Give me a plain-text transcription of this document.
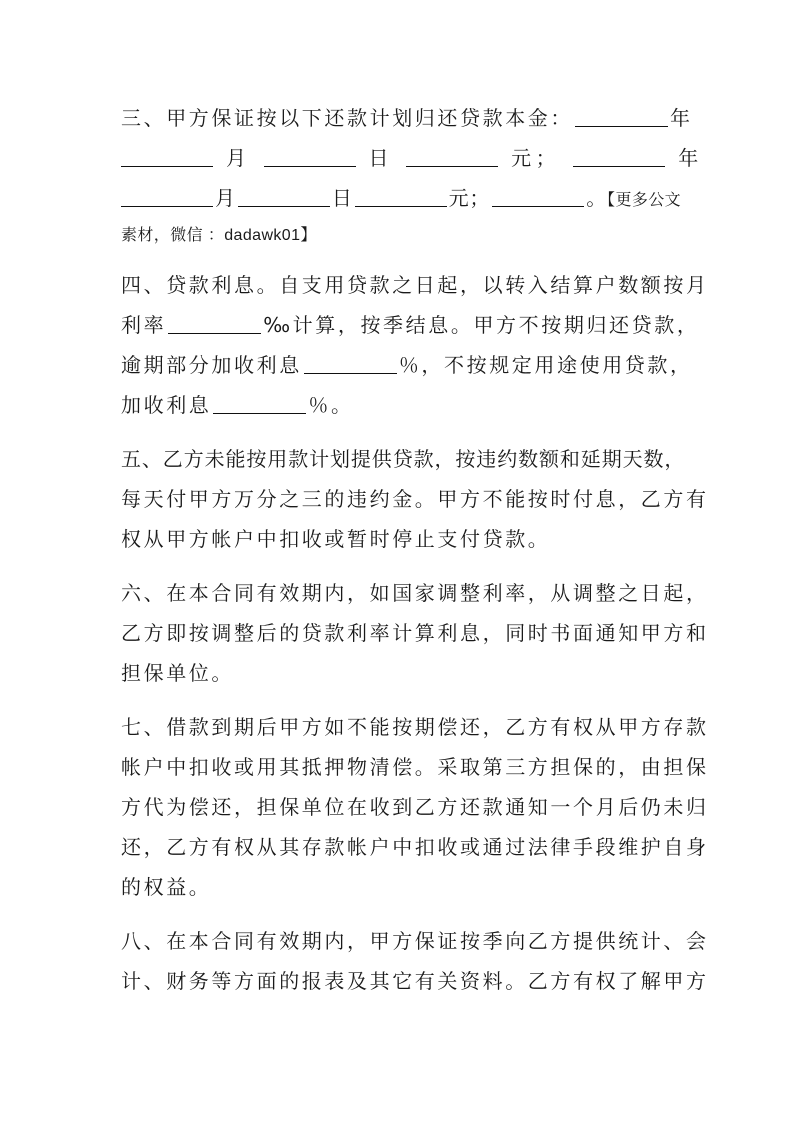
三、甲方保证按以下还款计划归还贷款本金：	年
月	日	元；	年
月	日	元；	。【更多公文
素材，微信 ：dadawk01】
四、贷款利息。自支用贷款之日起，以转入结算户数额按月
利率	‰计算，按季结息。甲方不按期归还贷款，
逾期部分加收利息	％，不按规定用途使用贷款，
加收利息	％。
五、乙方未能按用款计划提供贷款，按违约数额和延期天数，
每天付甲方万分之三的违约金。甲方不能按时付息，乙方有
权从甲方帐户中扣收或暂时停止支付贷款。
六、在本合同有效期内，如国家调整利率，从调整之日起，
乙方即按调整后的贷款利率计算利息，同时书面通知甲方和
担保单位。
七、借款到期后甲方如不能按期偿还，乙方有权从甲方存款
帐户中扣收或用其抵押物清偿。采取第三方担保的，由担保
方代为偿还，担保单位在收到乙方还款通知一个月后仍未归
还，乙方有权从其存款帐户中扣收或通过法律手段维护自身
的权益。
八、在本合同有效期内，甲方保证按季向乙方提供统计、会
计、财务等方面的报表及其它有关资料。乙方有权了解甲方
